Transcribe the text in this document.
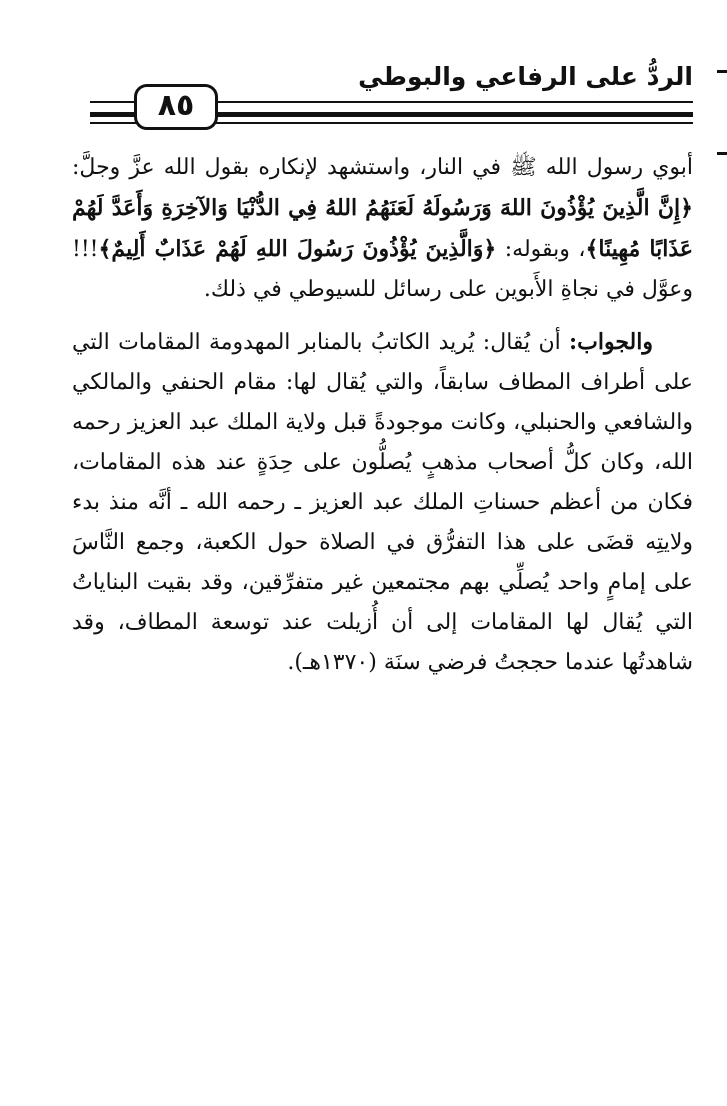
الردُّ على الرفاعي والبوطي
٨٥

أبوي رسول الله ﷺ في النار، واستشهد لإنكاره بقول الله عزَّ وجلَّ: ﴿إِنَّ الَّذِينَ يُؤْذُونَ اللهَ وَرَسُولَهُ لَعَنَهُمُ اللهُ فِي الدُّنْيَا وَالآخِرَةِ وَأَعَدَّ لَهُمْ عَذَابًا مُهِينًا﴾، وبقوله: ﴿وَالَّذِينَ يُؤْذُونَ رَسُولَ اللهِ لَهُمْ عَذَابٌ أَلِيمٌ﴾!!! وعوَّل في نجاةِ الأَبوين على رسائل للسيوطي في ذلك.

والجواب: أن يُقال: يُريد الكاتبُ بالمنابر المهدومة المقامات التي على أطراف المطاف سابقاً، والتي يُقال لها: مقام الحنفي والمالكي والشافعي والحنبلي، وكانت موجودةً قبل ولاية الملك عبد العزيز رحمه الله، وكان كلُّ أصحاب مذهبٍ يُصلُّون على حِدَةٍ عند هذه المقامات، فكان من أعظم حسناتِ الملك عبد العزيز ـ رحمه الله ـ أنَّه منذ بدء ولايتِه قضَى على هذا التفرُّق في الصلاة حول الكعبة، وجمع النَّاسَ على إمامٍ واحد يُصلِّي بهم مجتمعين غير متفرِّقين، وقد بقيت البناياتُ التي يُقال لها المقامات إلى أن أُزيلت عند توسعة المطاف، وقد شاهدتُها عندما حججتُ فرضي سنَة (١٣٧٠هـ).
